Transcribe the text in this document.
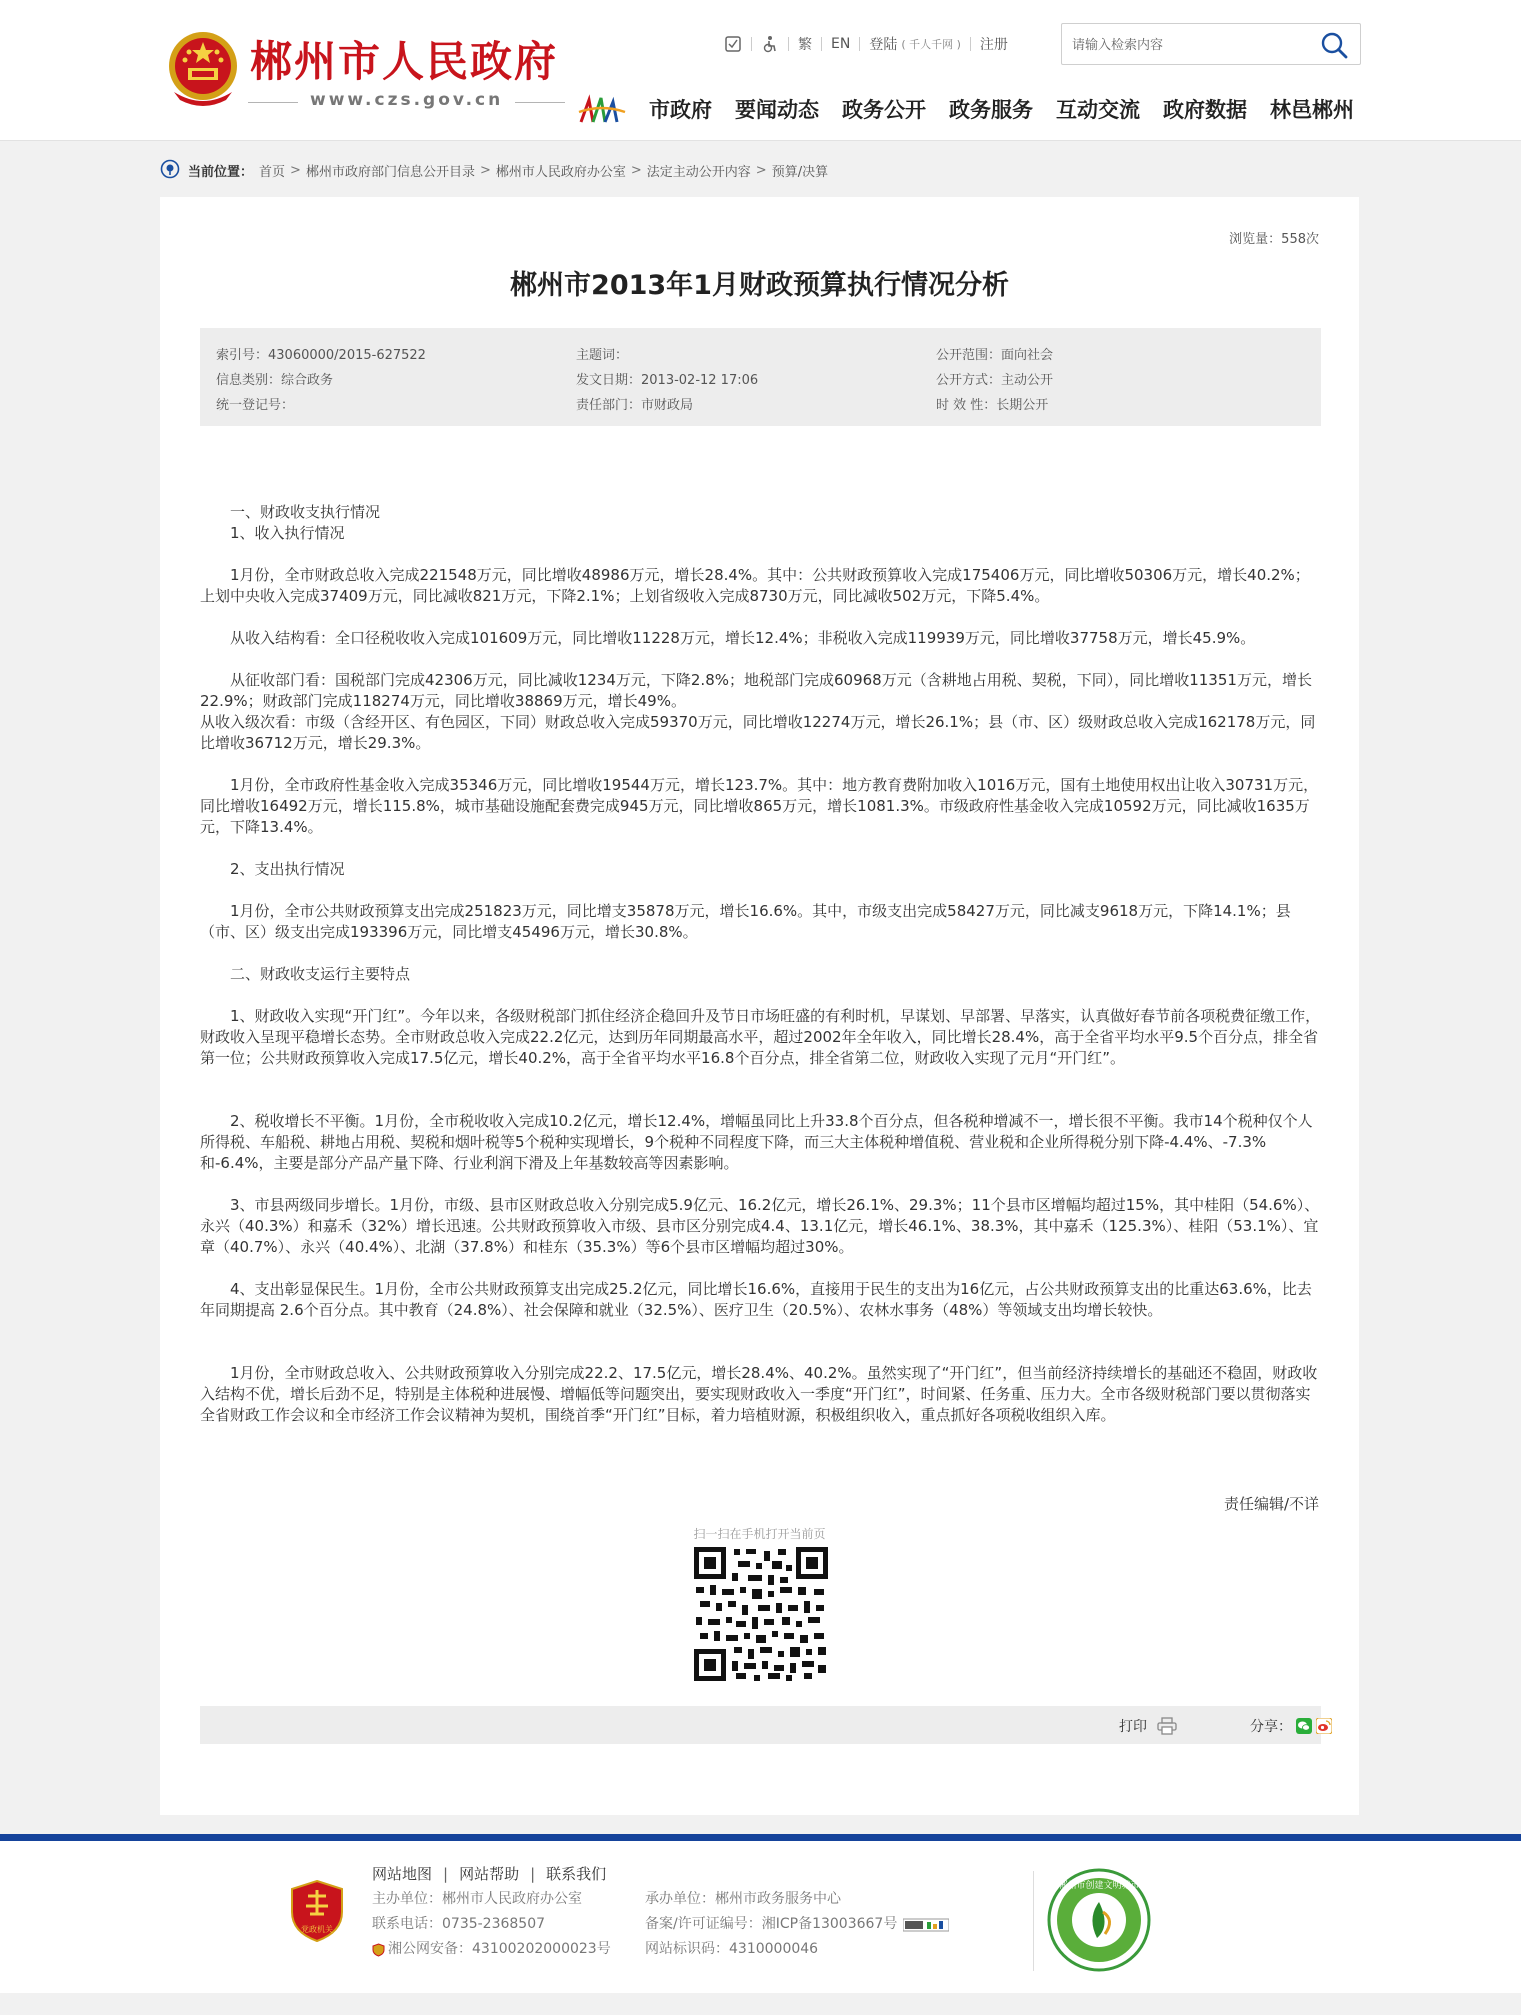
郴州市人民政府
www.czs.gov.cn
繁 EN 登陆 ( 千人千网 ) 注册
请输入检索内容
市政府 要闻动态 政务公开 政务服务 互动交流 政府数据 林邑郴州
当前位置： 首页 > 郴州市政府部门信息公开目录 > 郴州市人民政府办公室 > 法定主动公开内容 > 预算/决算
浏览量：558次
郴州市2013年1月财政预算执行情况分析
索引号：43060000/2015-627522
信息类别：综合政务
统一登记号：
主题词：
发文日期：2013-02-12 17:06
责任部门：市财政局
公开范围：面向社会
公开方式：主动公开
时 效 性：长期公开

　　一、财政收支执行情况

　　1、收入执行情况

　　1月份，全市财政总收入完成221548万元，同比增收48986万元，增长28.4%。其中：公共财政预算收入完成175406万元，同比增收50306万元，增长40.2%；上划中央收入完成37409万元，同比减收821万元，下降2.1%；上划省级收入完成8730万元，同比减收502万元，下降5.4%。

　　从收入结构看：全口径税收收入完成101609万元，同比增收11228万元，增长12.4%；非税收入完成119939万元，同比增收37758万元，增长45.9%。

　　从征收部门看：国税部门完成42306万元，同比减收1234万元，下降2.8%；地税部门完成60968万元（含耕地占用税、契税，下同），同比增收11351万元，增长22.9%；财政部门完成118274万元，同比增收38869万元，增长49%。

从收入级次看：市级（含经开区、有色园区，下同）财政总收入完成59370万元，同比增收12274万元，增长26.1%；县（市、区）级财政总收入完成162178万元，同比增收36712万元，增长29.3%。

　　1月份，全市政府性基金收入完成35346万元，同比增收19544万元，增长123.7%。其中：地方教育费附加收入1016万元，国有土地使用权出让收入30731万元，同比增收16492万元，增长115.8%，城市基础设施配套费完成945万元，同比增收865万元，增长1081.3%。市级政府性基金收入完成10592万元，同比减收1635万元，下降13.4%。

　　2、支出执行情况

　　1月份，全市公共财政预算支出完成251823万元，同比增支35878万元，增长16.6%。其中，市级支出完成58427万元，同比减支9618万元，下降14.1%；县（市、区）级支出完成193396万元，同比增支45496万元，增长30.8%。

　　二、财政收支运行主要特点

　　1、财政收入实现“开门红”。今年以来，各级财税部门抓住经济企稳回升及节日市场旺盛的有利时机，早谋划、早部署、早落实，认真做好春节前各项税费征缴工作，财政收入呈现平稳增长态势。全市财政总收入完成22.2亿元，达到历年同期最高水平，超过2002年全年收入，同比增长28.4%，高于全省平均水平9.5个百分点，排全省第一位；公共财政预算收入完成17.5亿元，增长40.2%，高于全省平均水平16.8个百分点，排全省第二位，财政收入实现了元月“开门红”。

　　2、税收增长不平衡。1月份，全市税收收入完成10.2亿元，增长12.4%，增幅虽同比上升33.8个百分点，但各税种增减不一，增长很不平衡。我市14个税种仅个人所得税、车船税、耕地占用税、契税和烟叶税等5个税种实现增长，9个税种不同程度下降，而三大主体税种增值税、营业税和企业所得税分别下降-4.4%、-7.3%和-6.4%，主要是部分产品产量下降、行业利润下滑及上年基数较高等因素影响。

　　3、市县两级同步增长。1月份，市级、县市区财政总收入分别完成5.9亿元、16.2亿元，增长26.1%、29.3%；11个县市区增幅均超过15%，其中桂阳（54.6%）、永兴（40.3%）和嘉禾（32%）增长迅速。公共财政预算收入市级、县市区分别完成4.4、13.1亿元，增长46.1%、38.3%，其中嘉禾（125.3%）、桂阳（53.1%）、宜章（40.7%）、永兴（40.4%）、北湖（37.8%）和桂东（35.3%）等6个县市区增幅均超过30%。

　　4、支出彰显保民生。1月份，全市公共财政预算支出完成25.2亿元，同比增长16.6%，直接用于民生的支出为16亿元，占公共财政预算支出的比重达63.6%，比去年同期提高 2.6个百分点。其中教育（24.8%）、社会保障和就业（32.5%）、医疗卫生（20.5%）、农林水事务（48%）等领域支出均增长较快。

　　1月份，全市财政总收入、公共财政预算收入分别完成22.2、17.5亿元，增长28.4%、40.2%。虽然实现了“开门红”，但当前经济持续增长的基础还不稳固，财政收入结构不优，增长后劲不足，特别是主体税种进展慢、增幅低等问题突出，要实现财政收入一季度“开门红”，时间紧、任务重、压力大。全市各级财税部门要以贯彻落实全省财政工作会议和全市经济工作会议精神为契机，围绕首季“开门红”目标，着力培植财源，积极组织收入，重点抓好各项税收组织入库。

责任编辑/不详
扫一扫在手机打开当前页
打印	分享：
网站地图 | 网站帮助 | 联系我们
党政机关
主办单位：郴州市人民政府办公室
联系电话：0735-2368507
湘公网安备：43100202000023号
承办单位：郴州市政务服务中心
备案/许可证编号：湘ICP备13003667号
网站标识码：4310000046
郴州市创建文明城市
